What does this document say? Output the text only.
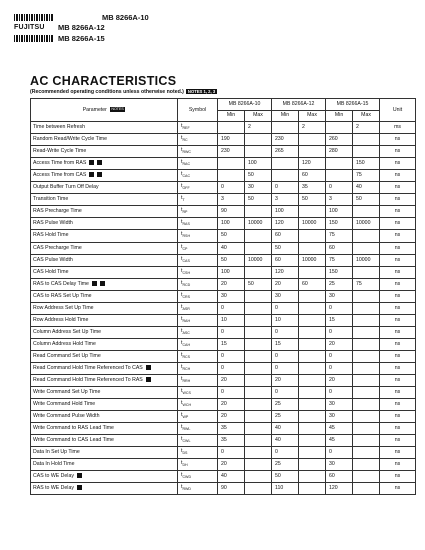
MB 8266A-10
FUJITSU	MB 8266A-12
MB 8266A-15
AC CHARACTERISTICS
(Recommended operating conditions unless otherwise noted.) NOTES 1, 2, 3
Parameter NOTES	Symbol	MB 8266A-10		MB 8266A-12		MB 8266A-15		Unit
		Min	Max	Min	Max	Min	Max	
Time between Refresh	$t_{REF}$		2		2		2	ms
Random Read/Write Cycle Time	$t_{RC}$	190		230		260		ns
Read-Write Cycle Time	$t_{RWC}$	230		265		280		ns
Access Time from RAS	$t_{RAC}$		100		120		150	ns
Access Time from CAS	$t_{CAC}$		50		60		75	ns
Output Buffer Turn Off Delay	$t_{OFF}$	0	30	0	35	0	40	ns
Transition Time	$t_T$	3	50	3	50	3	50	ns
RAS Precharge Time	$t_{RP}$	90		100		100		ns
RAS Pulse Width	$t_{RAS}$	100	10000	120	10000	150	10000	ns
RAS Hold Time	$t_{RSH}$	50		60		75		ns
CAS Precharge Time	$t_{CP}$	40		50		60		ns
CAS Pulse Width	$t_{CAS}$	50	10000	60	10000	75	10000	ns
CAS Hold Time	$t_{CSH}$	100		120		150		ns
RAS to CAS Delay Time	$t_{RCD}$	20	50	20	60	25	75	ns
CAS to RAS Set Up Time	$t_{CRS}$	30		30		30		ns
Row Address Set Up Time	$t_{ASR}$	0		0		0		ns
Row Address Hold Time	$t_{RAH}$	10		10		15		ns
Column Address Set Up Time	$t_{ASC}$	0		0		0		ns
Column Address Hold Time	$t_{CAH}$	15		15		20		ns
Read Command Set Up Time	$t_{RCS}$	0		0		0		ns
Read Command Hold Time Referenced To CAS	$t_{RCH}$	0		0		0		ns
Read Command Hold Time Referenced To RAS	$t_{RRH}$	20		20		20		ns
Write Command Set Up Time	$t_{WCS}$	0		0		0		ns
Write Command Hold Time	$t_{WCH}$	20		25		30		ns
Write Command Pulse Width	$t_{WP}$	20		25		30		ns
Write Command to RAS Lead Time	$t_{RWL}$	35		40		45		ns
Write Command to CAS Lead Time	$t_{CWL}$	35		40		45		ns
Data In Set Up Time	$t_{DS}$	0		0		0		ns
Data In Hold Time	$t_{DH}$	20		25		30		ns
CAS to WE Delay	$t_{CWD}$	40		50		60		ns
RAS to WE Delay	$t_{RWD}$	90		110		120		ns
